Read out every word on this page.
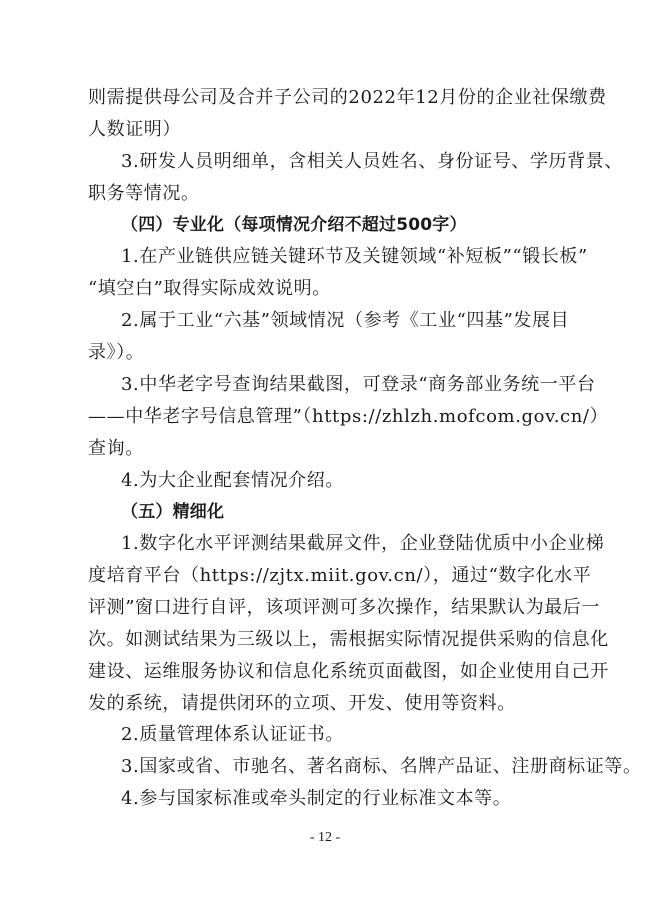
则需提供母公司及合并子公司的2022年12月份的企业社保缴费
人数证明）
3.研发人员明细单，含相关人员姓名、身份证号、学历背景、
职务等情况。
（四）专业化（每项情况介绍不超过500字）
1.在产业链供应链关键环节及关键领域“补短板”“锻长板”
“填空白”取得实际成效说明。
2.属于工业“六基”领域情况（参考《工业“四基”发展目
录》）。
3.中华老字号查询结果截图，可登录“商务部业务统一平台
——中华老字号信息管理”（https://zhlzh.mofcom.gov.cn/）
查询。
4.为大企业配套情况介绍。
（五）精细化
1.数字化水平评测结果截屏文件，企业登陆优质中小企业梯
度培育平台（https://zjtx.miit.gov.cn/），通过“数字化水平
评测”窗口进行自评，该项评测可多次操作，结果默认为最后一
次。如测试结果为三级以上，需根据实际情况提供采购的信息化
建设、运维服务协议和信息化系统页面截图，如企业使用自己开
发的系统，请提供闭环的立项、开发、使用等资料。
2.质量管理体系认证证书。
3.国家或省、市驰名、著名商标、名牌产品证、注册商标证等。
4.参与国家标准或牵头制定的行业标准文本等。
- 12 -
